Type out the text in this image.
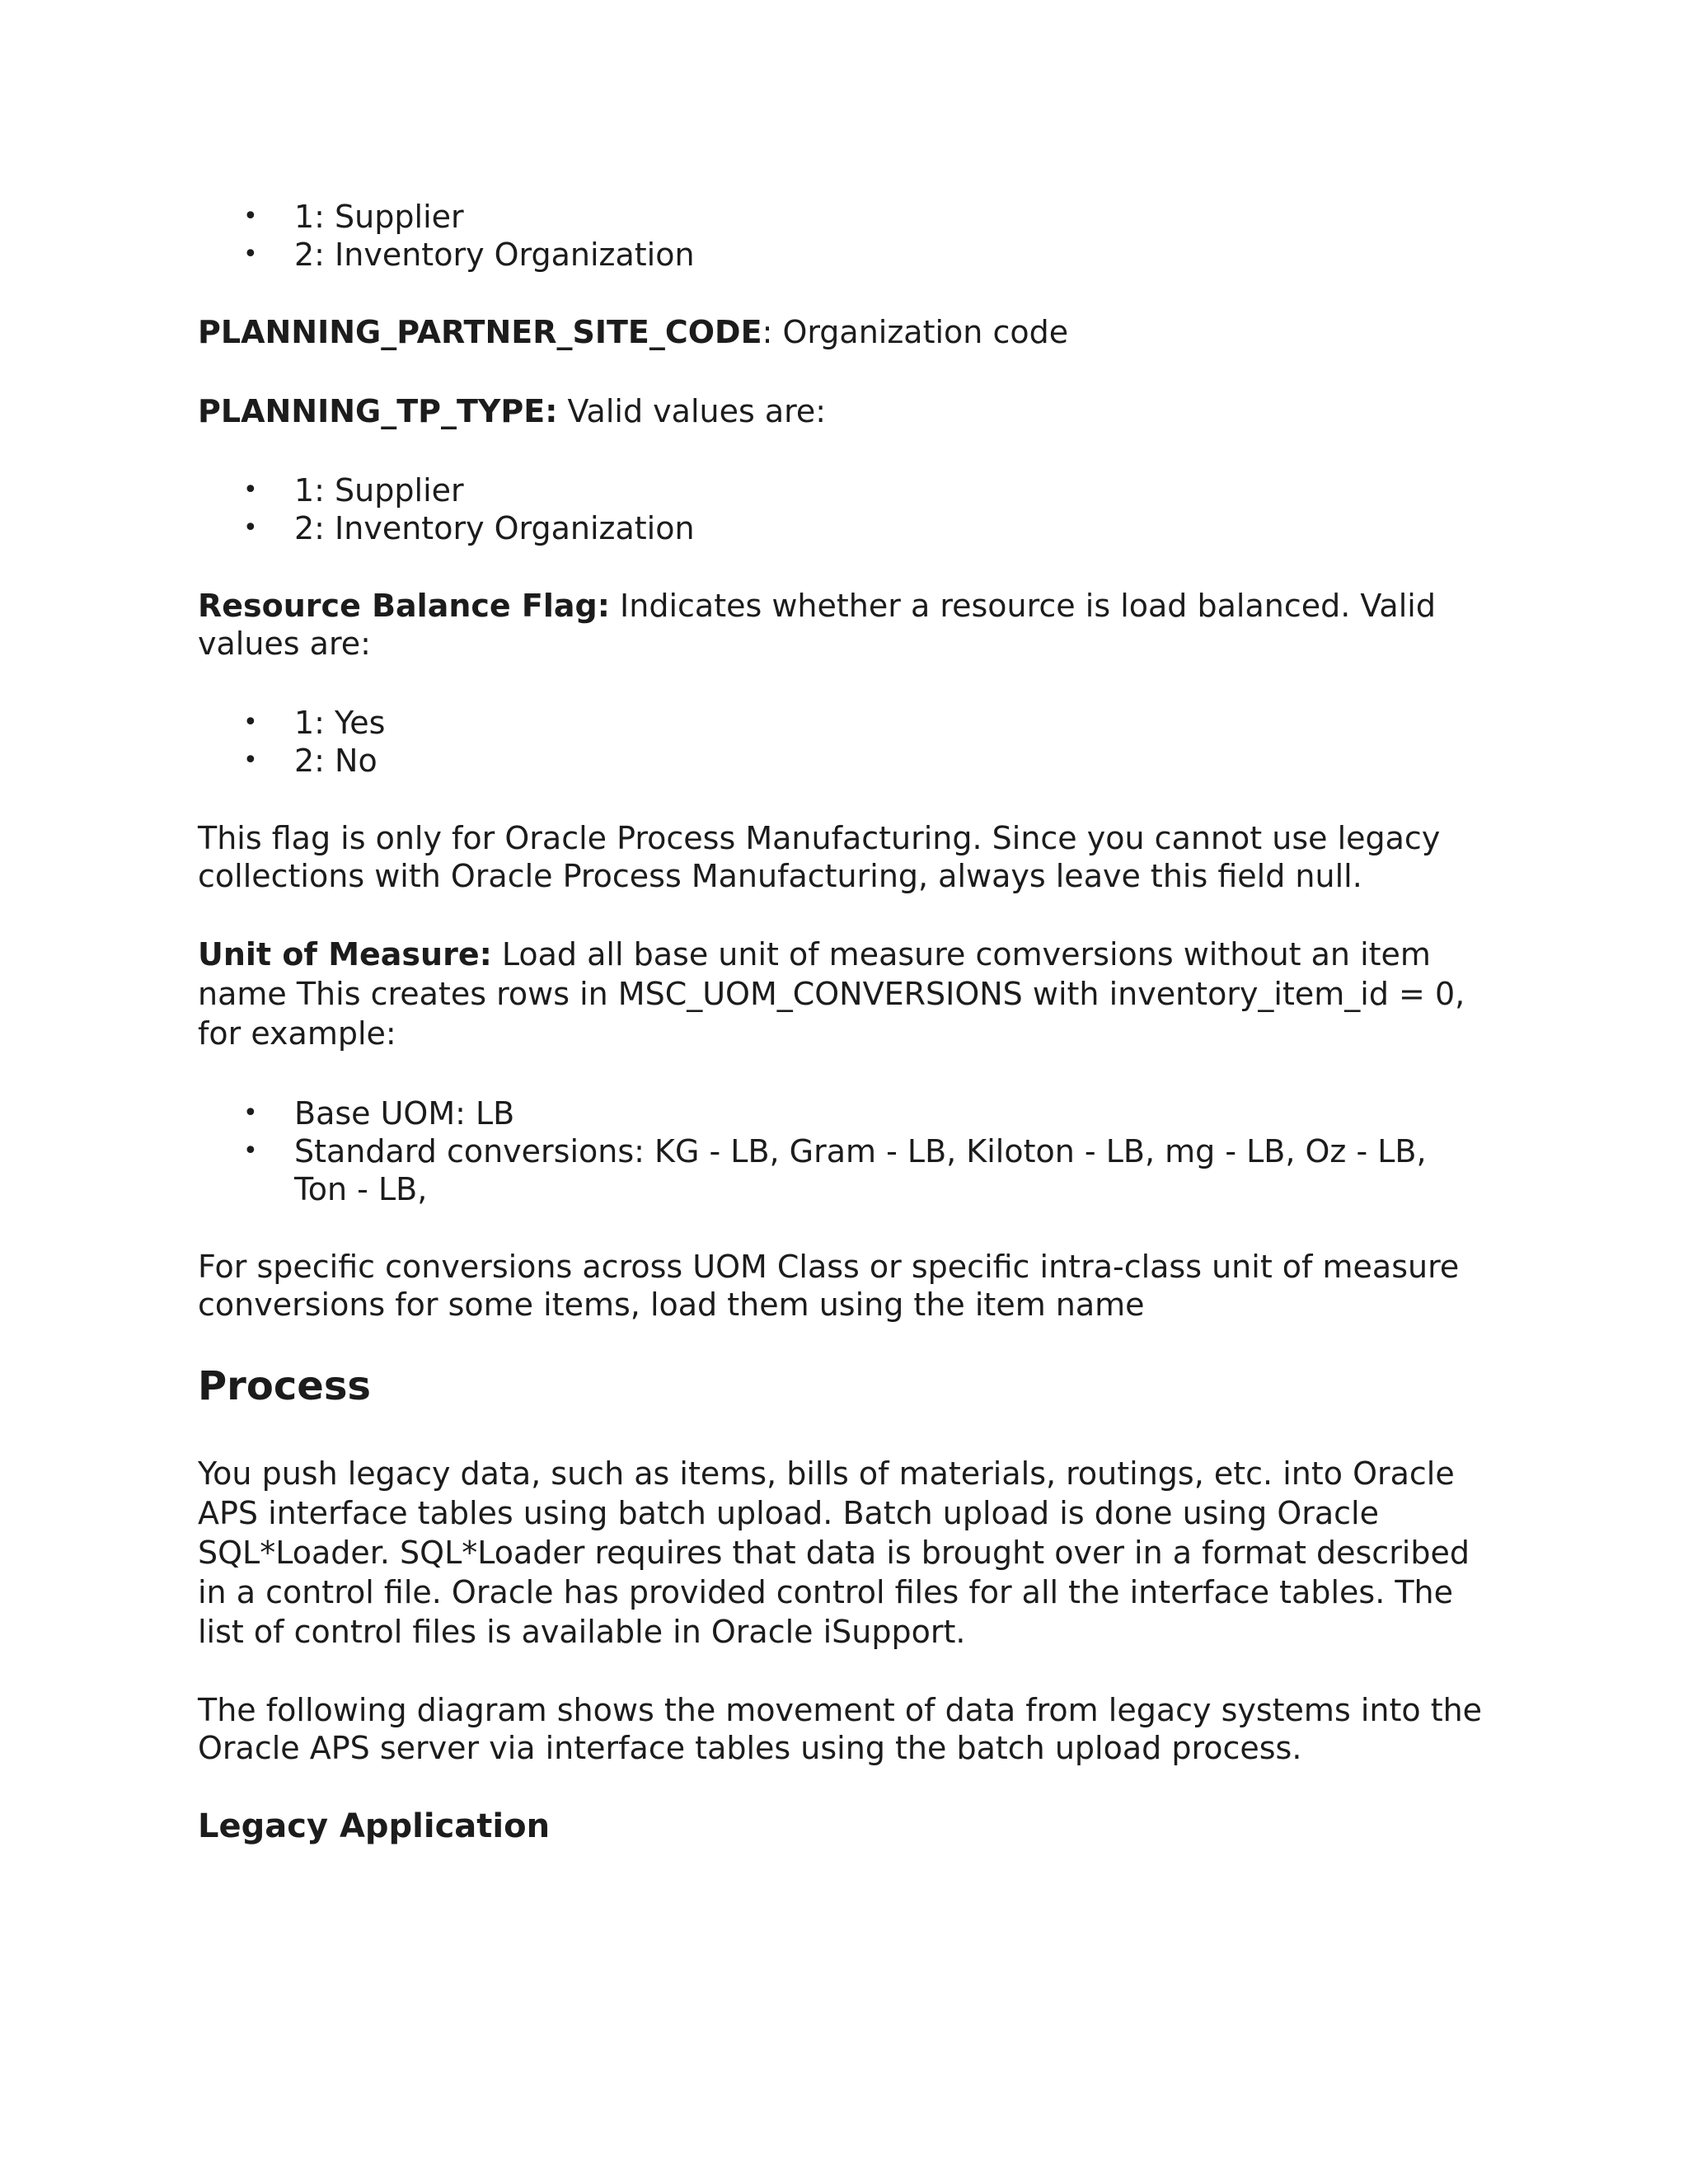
• 1: Supplier
• 2: Inventory Organization

PLANNING_PARTNER_SITE_CODE: Organization code

PLANNING_TP_TYPE: Valid values are:

• 1: Supplier
• 2: Inventory Organization

Resource Balance Flag: Indicates whether a resource is load balanced. Valid values are:

• 1: Yes
• 2: No

This flag is only for Oracle Process Manufacturing. Since you cannot use legacy collections with Oracle Process Manufacturing, always leave this field null.

Unit of Measure: Load all base unit of measure comversions without an item name This creates rows in MSC_UOM_CONVERSIONS with inventory_item_id = 0, for example:

• Base UOM: LB
• Standard conversions: KG - LB, Gram - LB, Kiloton - LB, mg - LB, Oz - LB, Ton - LB,

For specific conversions across UOM Class or specific intra-class unit of measure conversions for some items, load them using the item name

Process

You push legacy data, such as items, bills of materials, routings, etc. into Oracle APS interface tables using batch upload. Batch upload is done using Oracle SQL*Loader. SQL*Loader requires that data is brought over in a format described in a control file. Oracle has provided control files for all the interface tables. The list of control files is available in Oracle iSupport.

The following diagram shows the movement of data from legacy systems into the Oracle APS server via interface tables using the batch upload process.

Legacy Application
